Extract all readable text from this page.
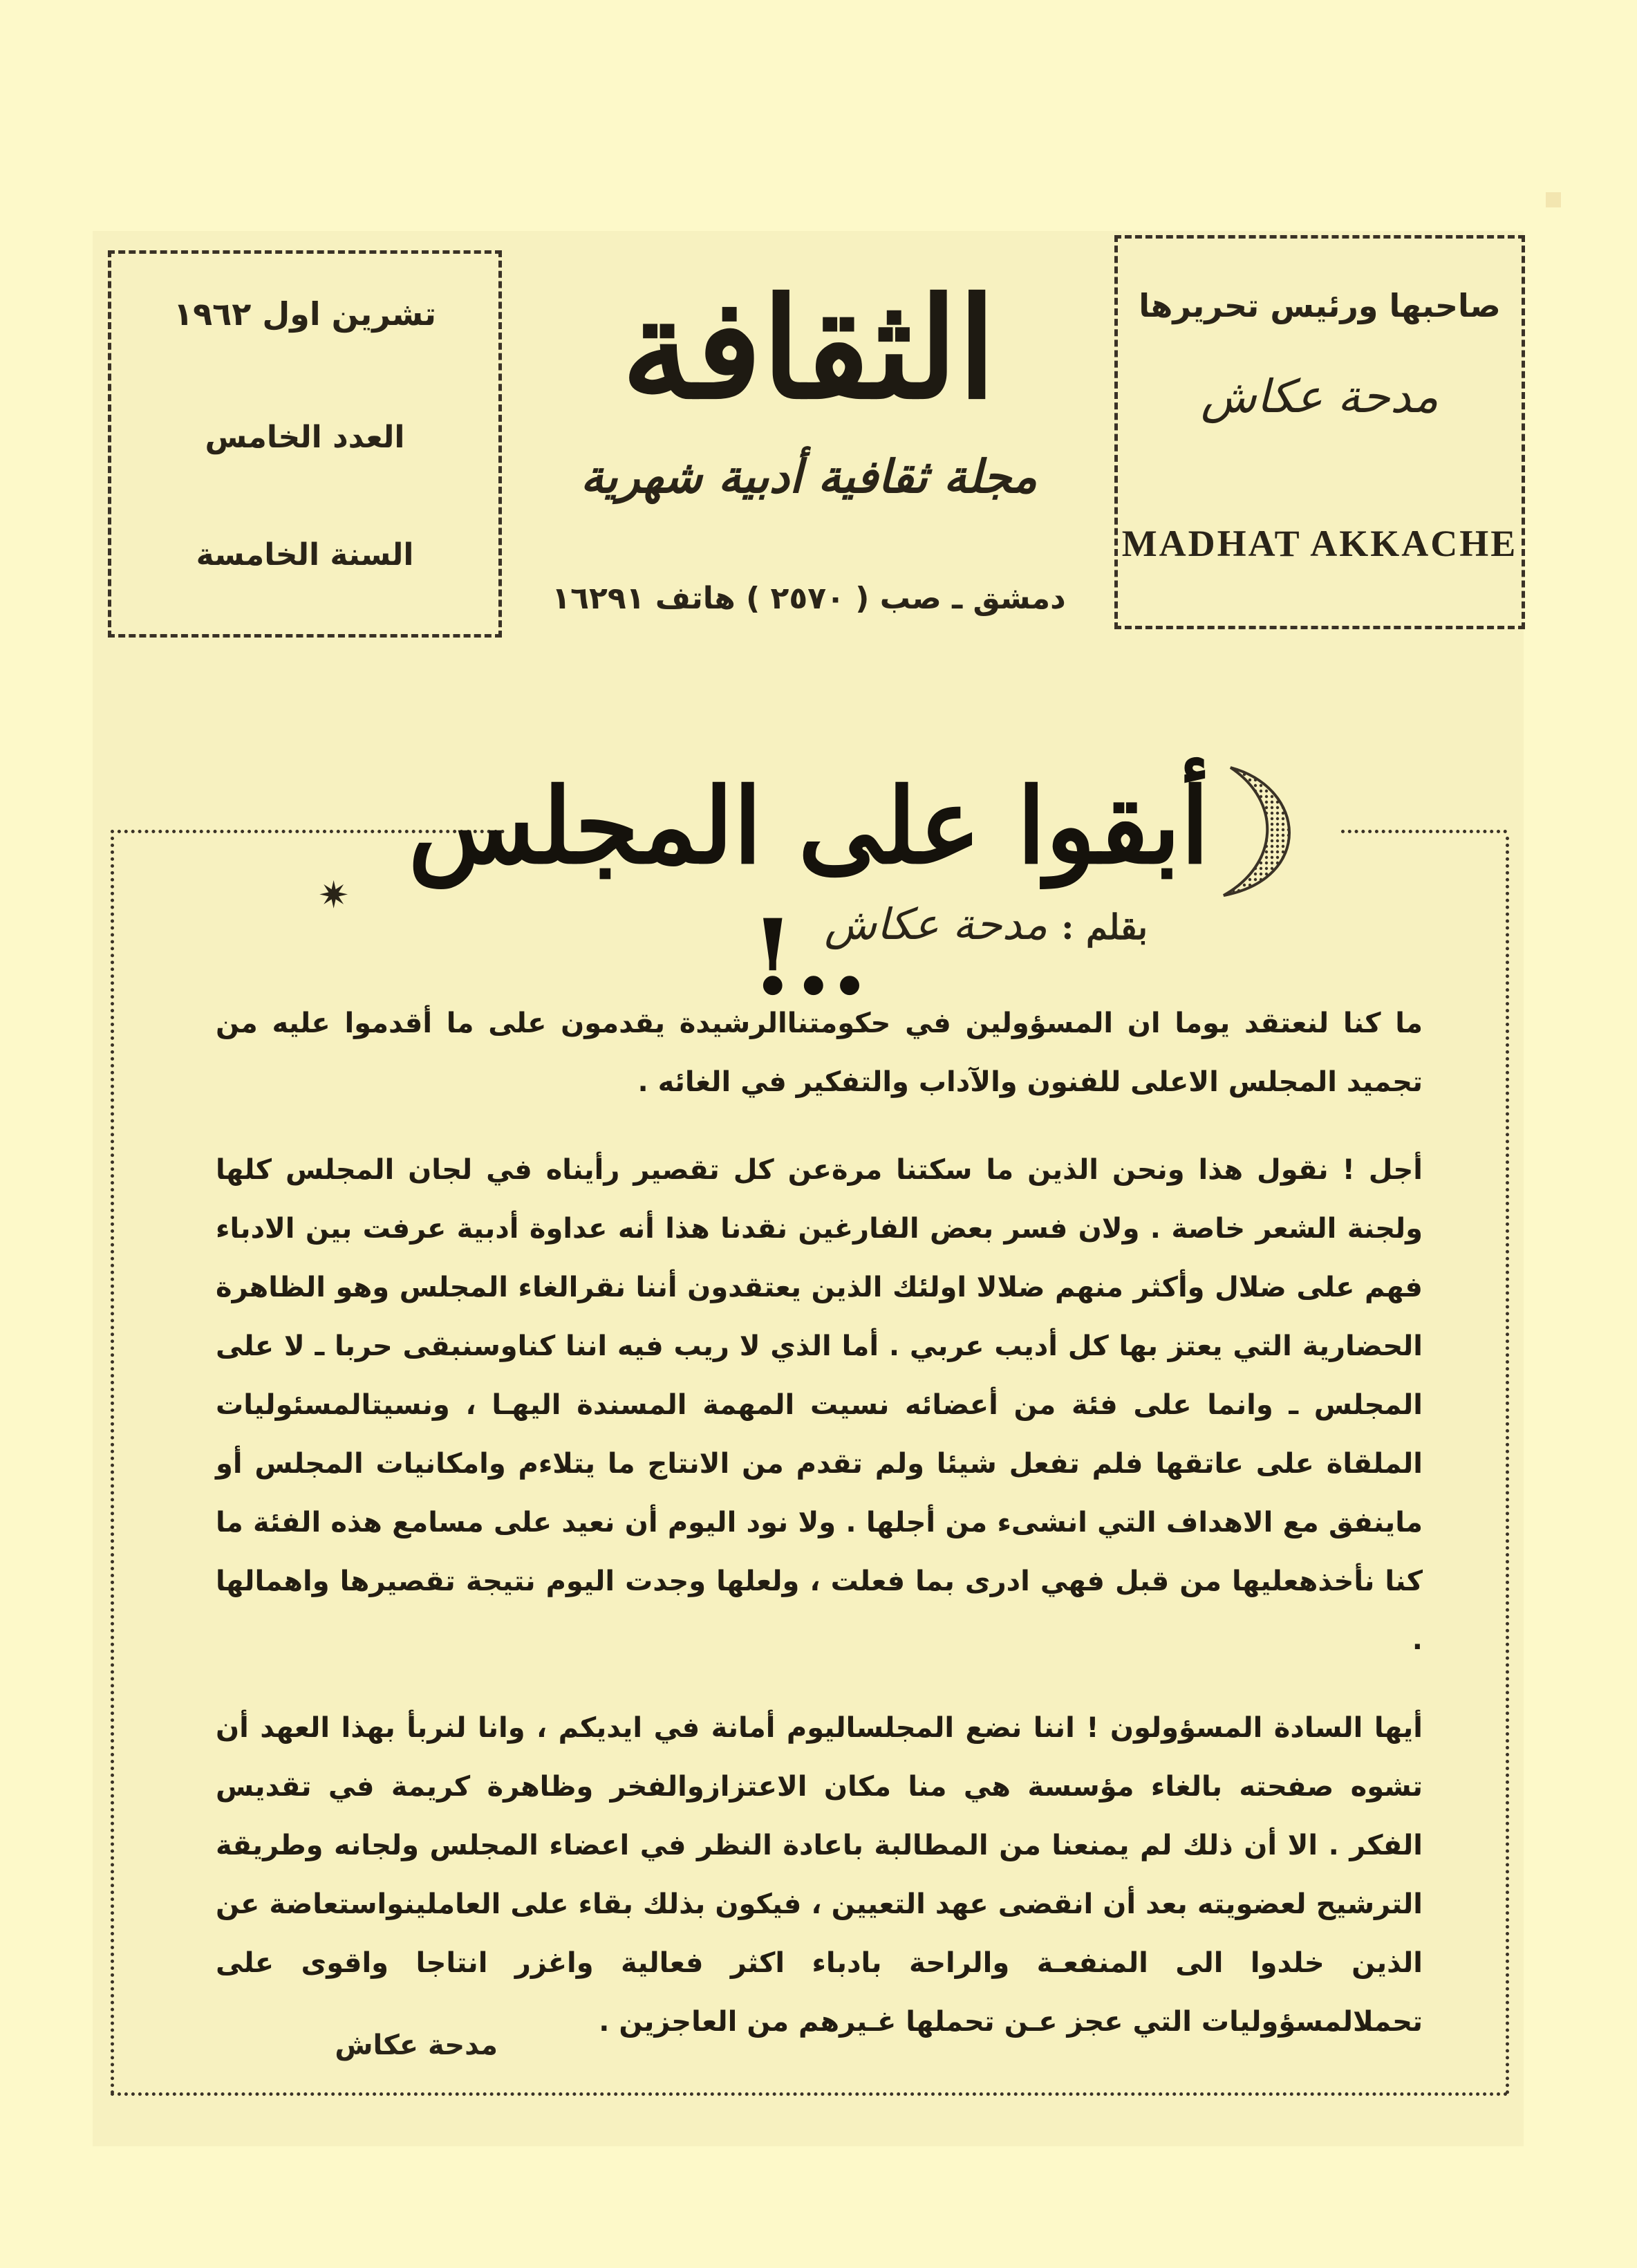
صاحبها ورئيس تحريرها
مدحة عكاش
MADHAT AKKACHE
تشرين اول ١٩٦٢
العدد الخامس
السنة الخامسة
الثقافة
مجلة ثقافية أدبية شهرية
دمشق ـ صب ( ٢٥٧٠ ) هاتف ١٦٢٩١
أبقوا على المجلس ..!
✷
بقلم : مدحة عكاش

ما كنا لنعتقد يوما ان المسؤولين في حكومتناالرشيدة يقدمون على ما أقدموا عليه من تجميد المجلس الاعلى للفنون والآداب والتفكير في الغائه .

أجل ! نقول هذا ونحن الذين ما سكتنا مرةعن كل تقصير رأيناه في لجان المجلس كلها ولجنة الشعر خاصة . ولان فسر بعض الفارغين نقدنا هذا أنه عداوة أدبية عرفت بين الادباء فهم على ضلال وأكثر منهم ضلالا اولئك الذين يعتقدون أننا نقرالغاء المجلس وهو الظاهرة الحضارية التي يعتز بها كل أديب عربي . أما الذي لا ريب فيه اننا كناوسنبقى حربا ـ لا على المجلس ـ وانما على فئة من أعضائه نسيت المهمة المسندة اليهـا ، ونسيتالمسئوليات الملقاة على عاتقها فلم تفعل شيئا ولم تقدم من الانتاج ما يتلاءم وامكانيات المجلس أو ماينفق مع الاهداف التي انشىء من أجلها . ولا نود اليوم أن نعيد على مسامع هذه الفئة ما كنا نأخذهعليها من قبل فهي ادرى بما فعلت ، ولعلها وجدت اليوم نتيجة تقصيرها واهمالها .

أيها السادة المسؤولون ! اننا نضع المجلساليوم أمانة في ايديكم ، وانا لنربأ بهذا العهد أن تشوه صفحته بالغاء مؤسسة هي منا مكان الاعتزازوالفخر وظاهرة كريمة في تقديس الفكر . الا أن ذلك لم يمنعنا من المطالبة باعادة النظر في اعضاء المجلس ولجانه وطريقة الترشيح لعضويته بعد أن انقضى عهد التعيين ، فيكون بذلك بقاء على العاملينواستعاضة عن الذين خلدوا الى المنفعـة والراحة بادباء اكثر فعالية واغزر انتاجا واقوى على تحملالمسؤوليات التي عجز عـن تحملها غـيرهم من العاجزين .

مدحة عكاش
